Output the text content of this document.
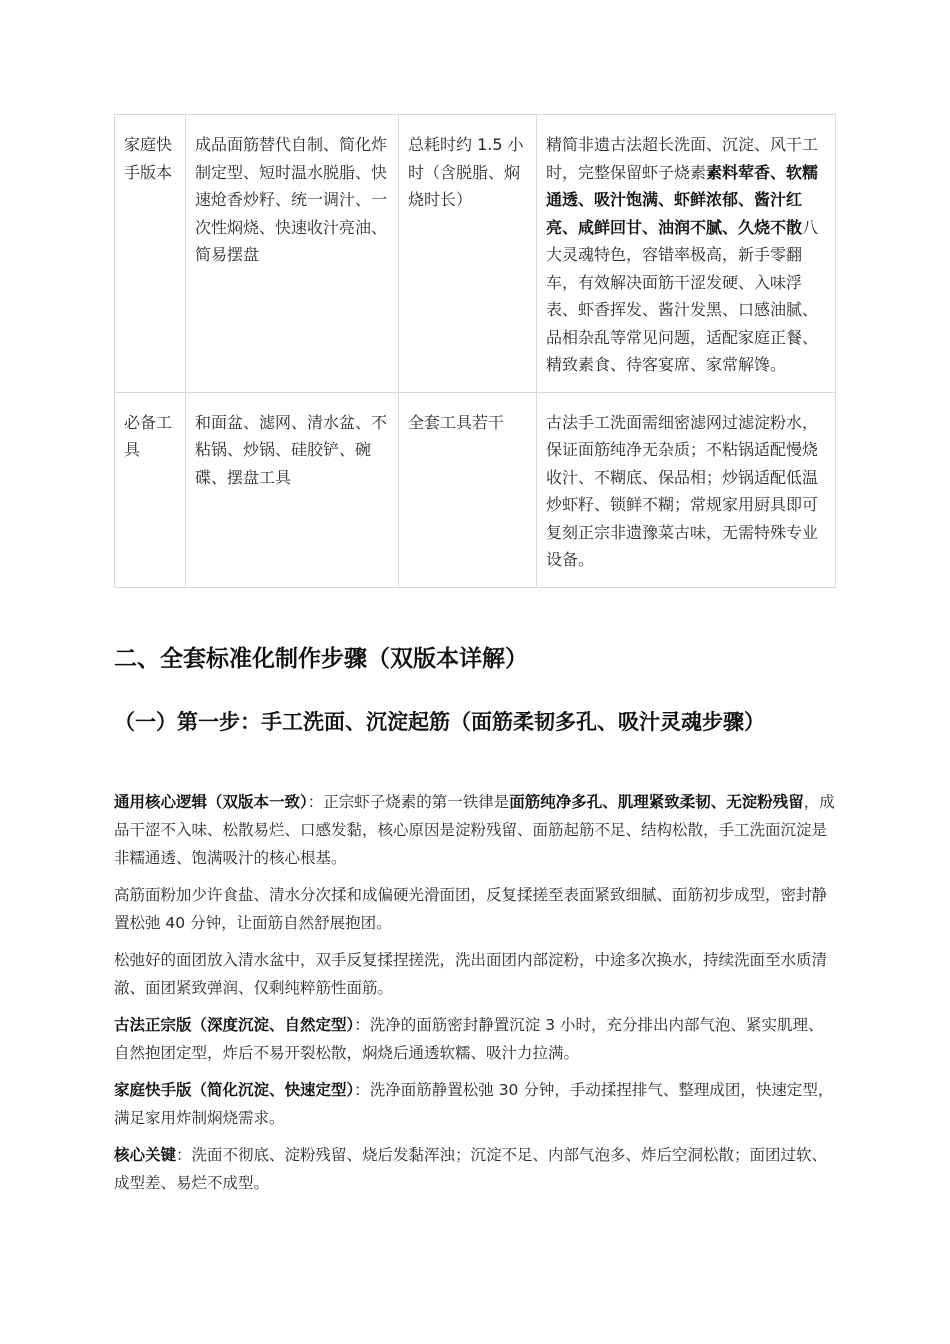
家庭快手版本	成品面筋替代自制、简化炸制定型、短时温水脱脂、快速炝香炒籽、统一调汁、一次性焖烧、快速收汁亮油、简易摆盘	总耗时约 1.5 小时（含脱脂、焖烧时长）	精简非遗古法超长洗面、沉淀、风干工时，完整保留虾子烧素素料荤香、软糯通透、吸汁饱满、虾鲜浓郁、酱汁红亮、咸鲜回甘、油润不腻、久烧不散八大灵魂特色，容错率极高，新手零翻车，有效解决面筋干涩发硬、入味浮表、虾香挥发、酱汁发黑、口感油腻、品相杂乱等常见问题，适配家庭正餐、精致素食、待客宴席、家常解馋。
必备工具	和面盆、滤网、清水盆、不粘锅、炒锅、硅胶铲、碗碟、摆盘工具	全套工具若干	古法手工洗面需细密滤网过滤淀粉水，保证面筋纯净无杂质；不粘锅适配慢烧收汁、不糊底、保品相；炒锅适配低温炒虾籽、锁鲜不糊；常规家用厨具即可复刻正宗非遗豫菜古味，无需特殊专业设备。
二、全套标准化制作步骤（双版本详解）
（一）第一步：手工洗面、沉淀起筋（面筋柔韧多孔、吸汁灵魂步骤）

通用核心逻辑（双版本一致）：正宗虾子烧素的第一铁律是面筋纯净多孔、肌理紧致柔韧、无淀粉残留，成品干涩不入味、松散易烂、口感发黏，核心原因是淀粉残留、面筋起筋不足、结构松散，手工洗面沉淀是非糯通透、饱满吸汁的核心根基。

高筋面粉加少许食盐、清水分次揉和成偏硬光滑面团，反复揉搓至表面紧致细腻、面筋初步成型，密封静置松弛 40 分钟，让面筋自然舒展抱团。

松弛好的面团放入清水盆中，双手反复揉捏搓洗，洗出面团内部淀粉，中途多次换水，持续洗面至水质清澈、面团紧致弹润、仅剩纯粹筋性面筋。

古法正宗版（深度沉淀、自然定型）：洗净的面筋密封静置沉淀 3 小时，充分排出内部气泡、紧实肌理、自然抱团定型，炸后不易开裂松散，焖烧后通透软糯、吸汁力拉满。

家庭快手版（简化沉淀、快速定型）：洗净面筋静置松弛 30 分钟，手动揉捏排气、整理成团，快速定型，满足家用炸制焖烧需求。

核心关键：洗面不彻底、淀粉残留、烧后发黏浑浊；沉淀不足、内部气泡多、炸后空洞松散；面团过软、成型差、易烂不成型。
